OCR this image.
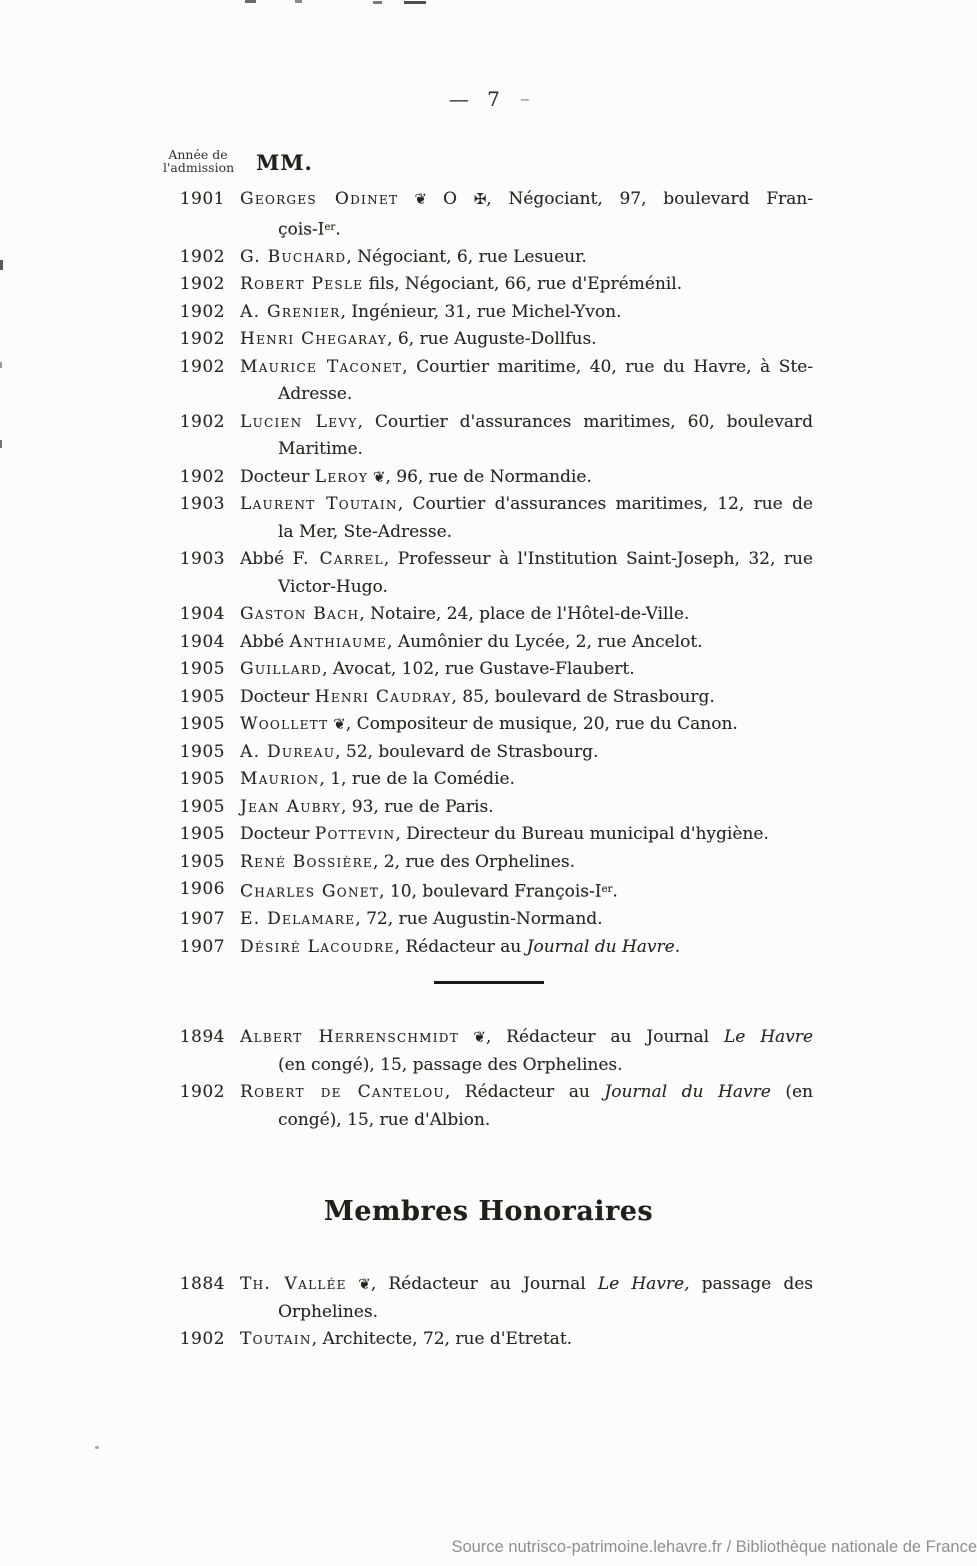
— 7 --
Année de
l'admission MM.
1901 Georges Odinet ❦ O ✠, Négociant, 97, boulevard Fran-
çois-Ier.
1902 G. Buchard, Négociant, 6, rue Lesueur.
1902 Robert Pesle fils, Négociant, 66, rue d'Epréménil.
1902 A. Grenier, Ingénieur, 31, rue Michel-Yvon.
1902 Henri Chegaray, 6, rue Auguste-Dollfus.
1902 Maurice Taconet, Courtier maritime, 40, rue du Havre, à Ste-
Adresse.
1902 Lucien Levy, Courtier d'assurances maritimes, 60, boulevard
Maritime.
1902 Docteur Leroy ❦, 96, rue de Normandie.
1903 Laurent Toutain, Courtier d'assurances maritimes, 12, rue de
la Mer, Ste-Adresse.
1903 Abbé F. Carrel, Professeur à l'Institution Saint-Joseph, 32, rue
Victor-Hugo.
1904 Gaston Bach, Notaire, 24, place de l'Hôtel-de-Ville.
1904 Abbé Anthiaume, Aumônier du Lycée, 2, rue Ancelot.
1905 Guillard, Avocat, 102, rue Gustave-Flaubert.
1905 Docteur Henri Caudray, 85, boulevard de Strasbourg.
1905 Woollett ❦, Compositeur de musique, 20, rue du Canon.
1905 A. Dureau, 52, boulevard de Strasbourg.
1905 Maurion, 1, rue de la Comédie.
1905 Jean Aubry, 93, rue de Paris.
1905 Docteur Pottevin, Directeur du Bureau municipal d'hygiène.
1905 René Bossière, 2, rue des Orphelines.
1906 Charles Gonet, 10, boulevard François-Ier.
1907 E. Delamare, 72, rue Augustin-Normand.
1907 Désiré Lacoudre, Rédacteur au Journal du Havre.
1894 Albert Herrenschmidt ❦, Rédacteur au Journal Le Havre
(en congé), 15, passage des Orphelines.
1902 Robert de Cantelou, Rédacteur au Journal du Havre (en
congé), 15, rue d'Albion.
Membres Honoraires
1884 Th. Vallée ❦, Rédacteur au Journal Le Havre, passage des
Orphelines.
1902 Toutain, Architecte, 72, rue d'Etretat.
Source nutrisco-patrimoine.lehavre.fr / Bibliothèque nationale de France
